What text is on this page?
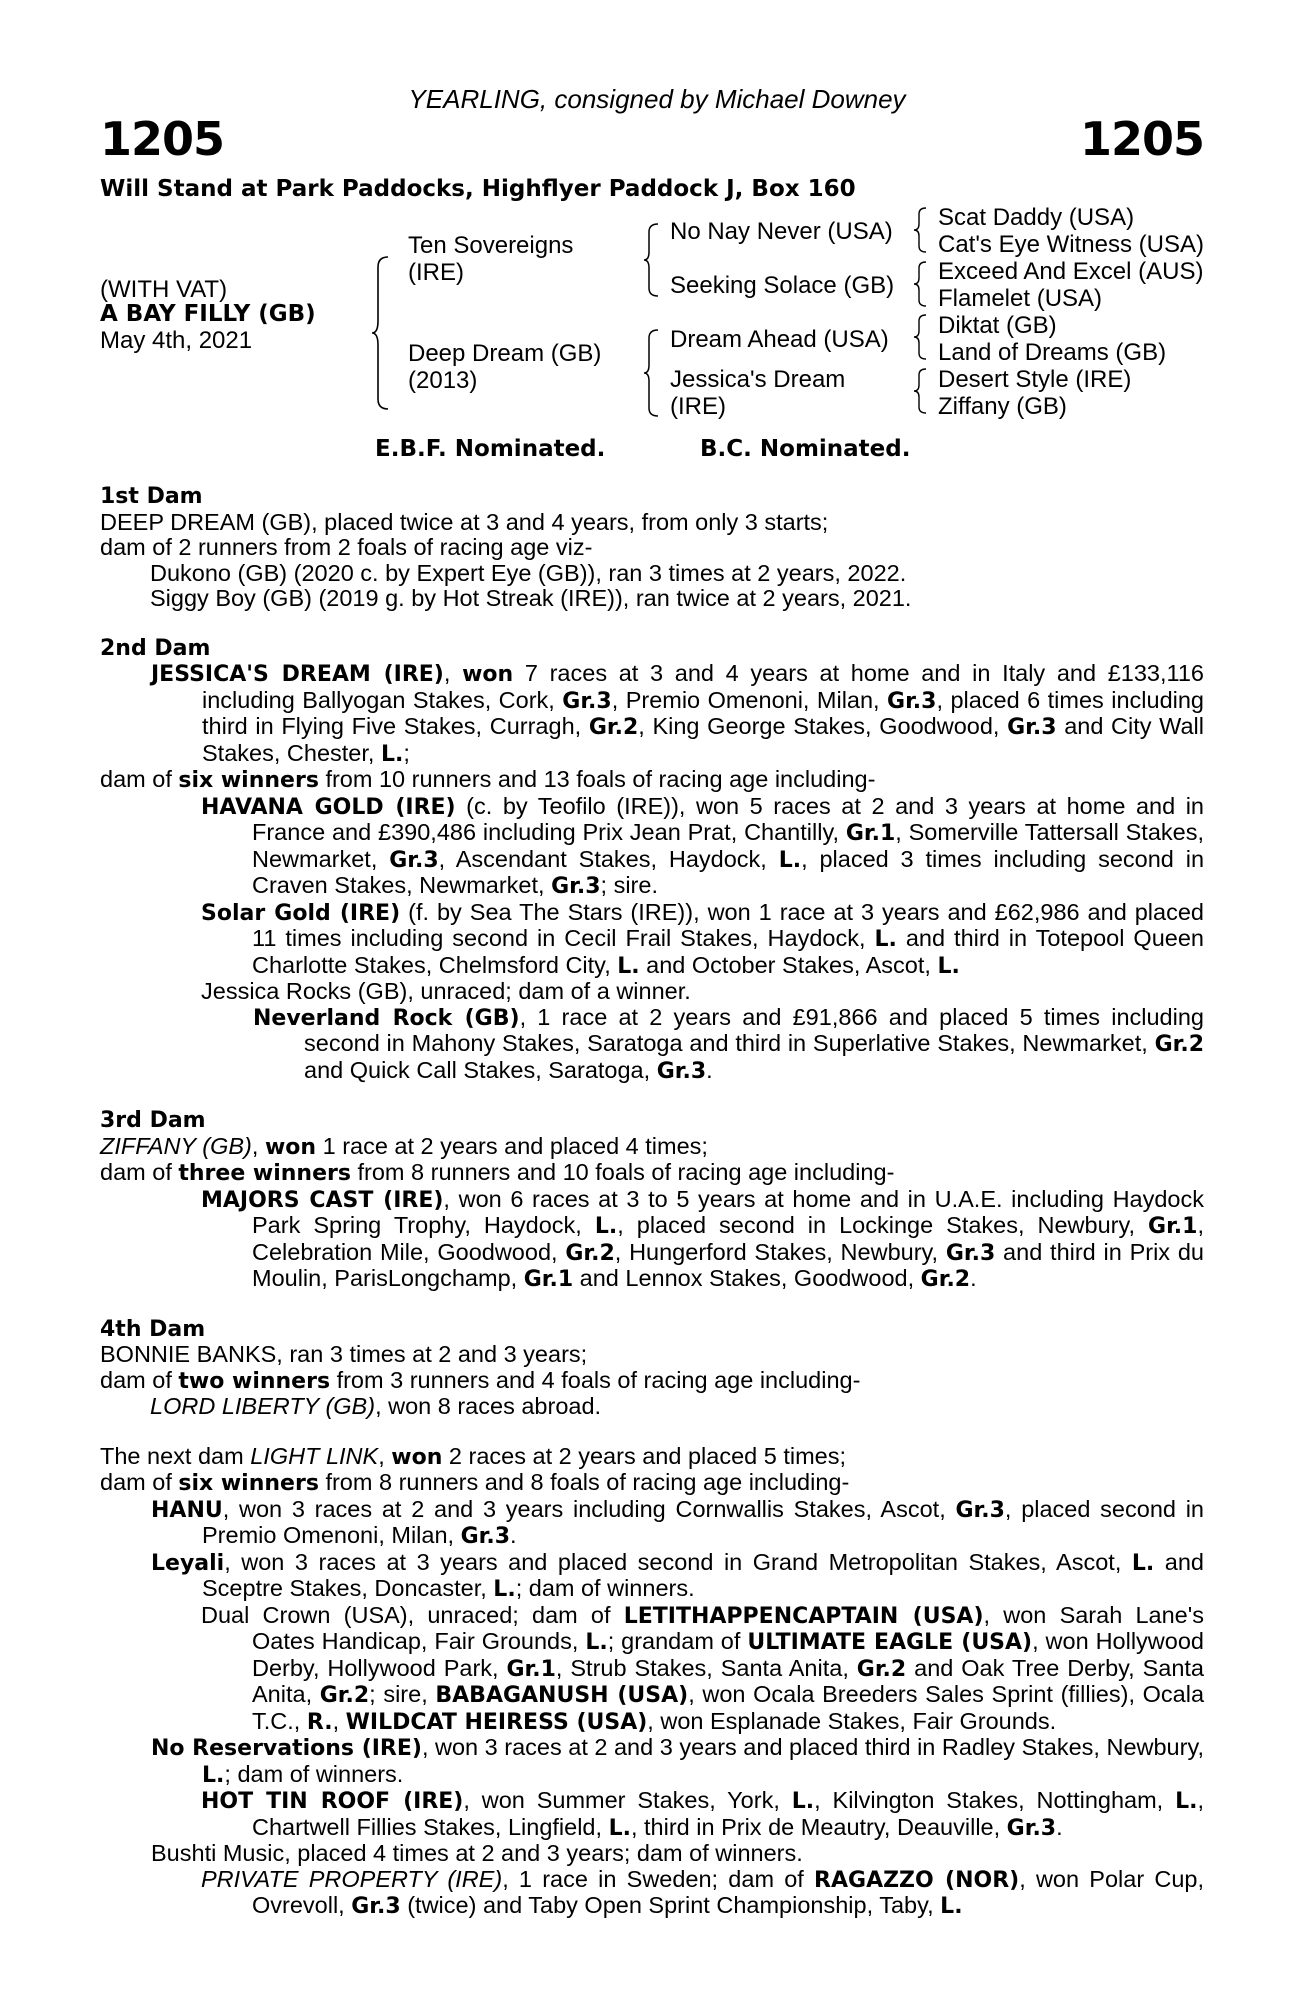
YEARLING, consigned by Michael Downey
1205	1205
Will Stand at Park Paddocks, Highflyer Paddock J, Box 160
(WITH VAT)
A BAY FILLY (GB)
May 4th, 2021
Ten Sovereigns
(IRE)
Deep Dream (GB)
(2013)
No Nay Never (USA)
Seeking Solace (GB)
Dream Ahead (USA)
Jessica's Dream
(IRE)
Scat Daddy (USA)
Cat's Eye Witness (USA)
Exceed And Excel (AUS)
Flamelet (USA)
Diktat (GB)
Land of Dreams (GB)
Desert Style (IRE)
Ziffany (GB)
E.B.F. Nominated.	B.C. Nominated.

1st Dam

DEEP DREAM (GB), placed twice at 3 and 4 years, from only 3 starts;

dam of 2 runners from 2 foals of racing age viz-

Dukono (GB) (2020 c. by Expert Eye (GB)), ran 3 times at 2 years, 2022.

Siggy Boy (GB) (2019 g. by Hot Streak (IRE)), ran twice at 2 years, 2021.

2nd Dam

JESSICA'S DREAM (IRE), won 7 races at 3 and 4 years at home and in Italy and £133,116 including Ballyogan Stakes, Cork, Gr.3, Premio Omenoni, Milan, Gr.3, placed 6 times including third in Flying Five Stakes, Curragh, Gr.2, King George Stakes, Goodwood, Gr.3 and City Wall Stakes, Chester, L.;

dam of six winners from 10 runners and 13 foals of racing age including-

HAVANA GOLD (IRE) (c. by Teofilo (IRE)), won 5 races at 2 and 3 years at home and in France and £390,486 including Prix Jean Prat, Chantilly, Gr.1, Somerville Tattersall Stakes, Newmarket, Gr.3, Ascendant Stakes, Haydock, L., placed 3 times including second in Craven Stakes, Newmarket, Gr.3; sire.

Solar Gold (IRE) (f. by Sea The Stars (IRE)), won 1 race at 3 years and £62,986 and placed 11 times including second in Cecil Frail Stakes, Haydock, L. and third in Totepool Queen Charlotte Stakes, Chelmsford City, L. and October Stakes, Ascot, L.

Jessica Rocks (GB), unraced; dam of a winner.

Neverland Rock (GB), 1 race at 2 years and £91,866 and placed 5 times including second in Mahony Stakes, Saratoga and third in Superlative Stakes, Newmarket, Gr.2 and Quick Call Stakes, Saratoga, Gr.3.

3rd Dam

ZIFFANY (GB), won 1 race at 2 years and placed 4 times;

dam of three winners from 8 runners and 10 foals of racing age including-

MAJORS CAST (IRE), won 6 races at 3 to 5 years at home and in U.A.E. including Haydock Park Spring Trophy, Haydock, L., placed second in Lockinge Stakes, Newbury, Gr.1, Celebration Mile, Goodwood, Gr.2, Hungerford Stakes, Newbury, Gr.3 and third in Prix du Moulin, ParisLongchamp, Gr.1 and Lennox Stakes, Goodwood, Gr.2.

4th Dam

BONNIE BANKS, ran 3 times at 2 and 3 years;

dam of two winners from 3 runners and 4 foals of racing age including-

LORD LIBERTY (GB), won 8 races abroad.

The next dam LIGHT LINK, won 2 races at 2 years and placed 5 times;

dam of six winners from 8 runners and 8 foals of racing age including-

HANU, won 3 races at 2 and 3 years including Cornwallis Stakes, Ascot, Gr.3, placed second in Premio Omenoni, Milan, Gr.3.

Leyali, won 3 races at 3 years and placed second in Grand Metropolitan Stakes, Ascot, L. and Sceptre Stakes, Doncaster, L.; dam of winners.

Dual Crown (USA), unraced; dam of LETITHAPPENCAPTAIN (USA), won Sarah Lane's Oates Handicap, Fair Grounds, L.; grandam of ULTIMATE EAGLE (USA), won Hollywood Derby, Hollywood Park, Gr.1, Strub Stakes, Santa Anita, Gr.2 and Oak Tree Derby, Santa Anita, Gr.2; sire, BABAGANUSH (USA), won Ocala Breeders Sales Sprint (fillies), Ocala T.C., R., WILDCAT HEIRESS (USA), won Esplanade Stakes, Fair Grounds.

No Reservations (IRE), won 3 races at 2 and 3 years and placed third in Radley Stakes, Newbury, L.; dam of winners.

HOT TIN ROOF (IRE), won Summer Stakes, York, L., Kilvington Stakes, Nottingham, L., Chartwell Fillies Stakes, Lingfield, L., third in Prix de Meautry, Deauville, Gr.3.

Bushti Music, placed 4 times at 2 and 3 years; dam of winners.

PRIVATE PROPERTY (IRE), 1 race in Sweden; dam of RAGAZZO (NOR), won Polar Cup, Ovrevoll, Gr.3 (twice) and Taby Open Sprint Championship, Taby, L.
